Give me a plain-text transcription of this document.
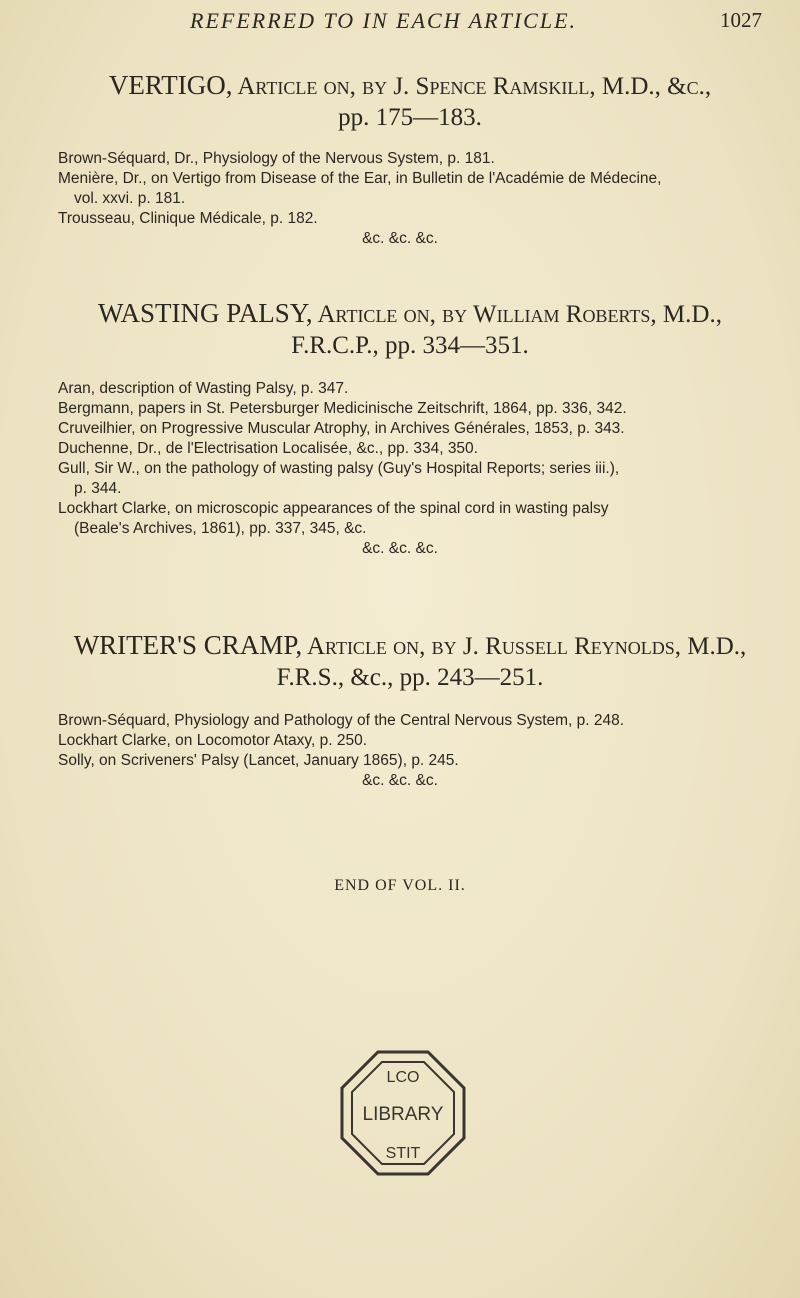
REFERRED TO IN EACH ARTICLE.	1027
VERTIGO, Article on, by J. Spence Ramskill, M.D., &c.,
pp. 175—183.
Brown-Séquard, Dr., Physiology of the Nervous System, p. 181.
Menière, Dr., on Vertigo from Disease of the Ear, in Bulletin de l'Académie de Médecine,
vol. xxvi. p. 181.
Trousseau, Clinique Médicale, p. 182.
&c. &c. &c.
WASTING PALSY, Article on, by William Roberts, M.D.,
F.R.C.P., pp. 334—351.
Aran, description of Wasting Palsy, p. 347.
Bergmann, papers in St. Petersburger Medicinische Zeitschrift, 1864, pp. 336, 342.
Cruveilhier, on Progressive Muscular Atrophy, in Archives Générales, 1853, p. 343.
Duchenne, Dr., de l'Electrisation Localisée, &c., pp. 334, 350.
Gull, Sir W., on the pathology of wasting palsy (Guy's Hospital Reports; series iii.),
p. 344.
Lockhart Clarke, on microscopic appearances of the spinal cord in wasting palsy
(Beale's Archives, 1861), pp. 337, 345, &c.
&c. &c. &c.
WRITER'S CRAMP, Article on, by J. Russell Reynolds, M.D.,
F.R.S., &c., pp. 243—251.
Brown-Séquard, Physiology and Pathology of the Central Nervous System, p. 248.
Lockhart Clarke, on Locomotor Ataxy, p. 250.
Solly, on Scriveners' Palsy (Lancet, January 1865), p. 245.
&c. &c. &c.
END OF VOL. II.
LCO
LIBRARY
STIT
